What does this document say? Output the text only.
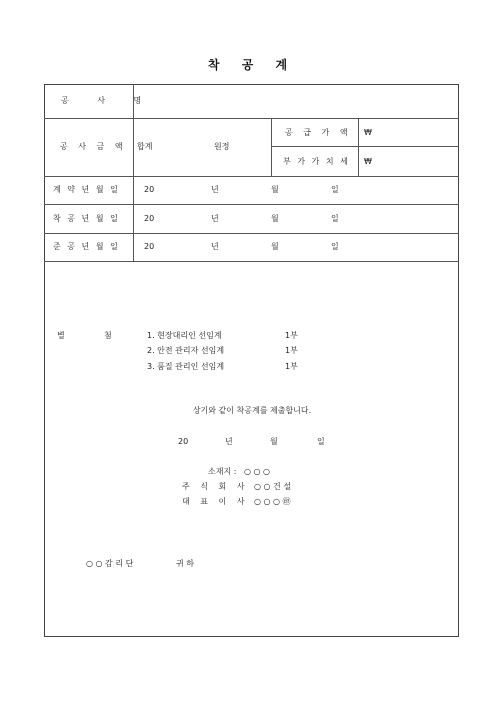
착 공 계
공 사 명
공 사 금 액 합계	원정
공 급 가 액 ₩
부 가 가 치 세 ₩
계 약 년 월 일	20	년	월	일
착 공 년 월 일	20	년	월	일
준 공 년 월 일	20	년	월	일
별	첨	1. 현장대리인 선임계	1부
2. 안전 관리자 선임계	1부
3. 품질 관리인 선임계	1부
상기와 같이 착공계를 제출합니다.
20	년	월	일
소재지 : ○ ○ ○
주 식 회 사 ○ ○ 건 설
대 표 이 사 ○ ○ ○ ㊞
○ ○ 감 리 단	귀 하
